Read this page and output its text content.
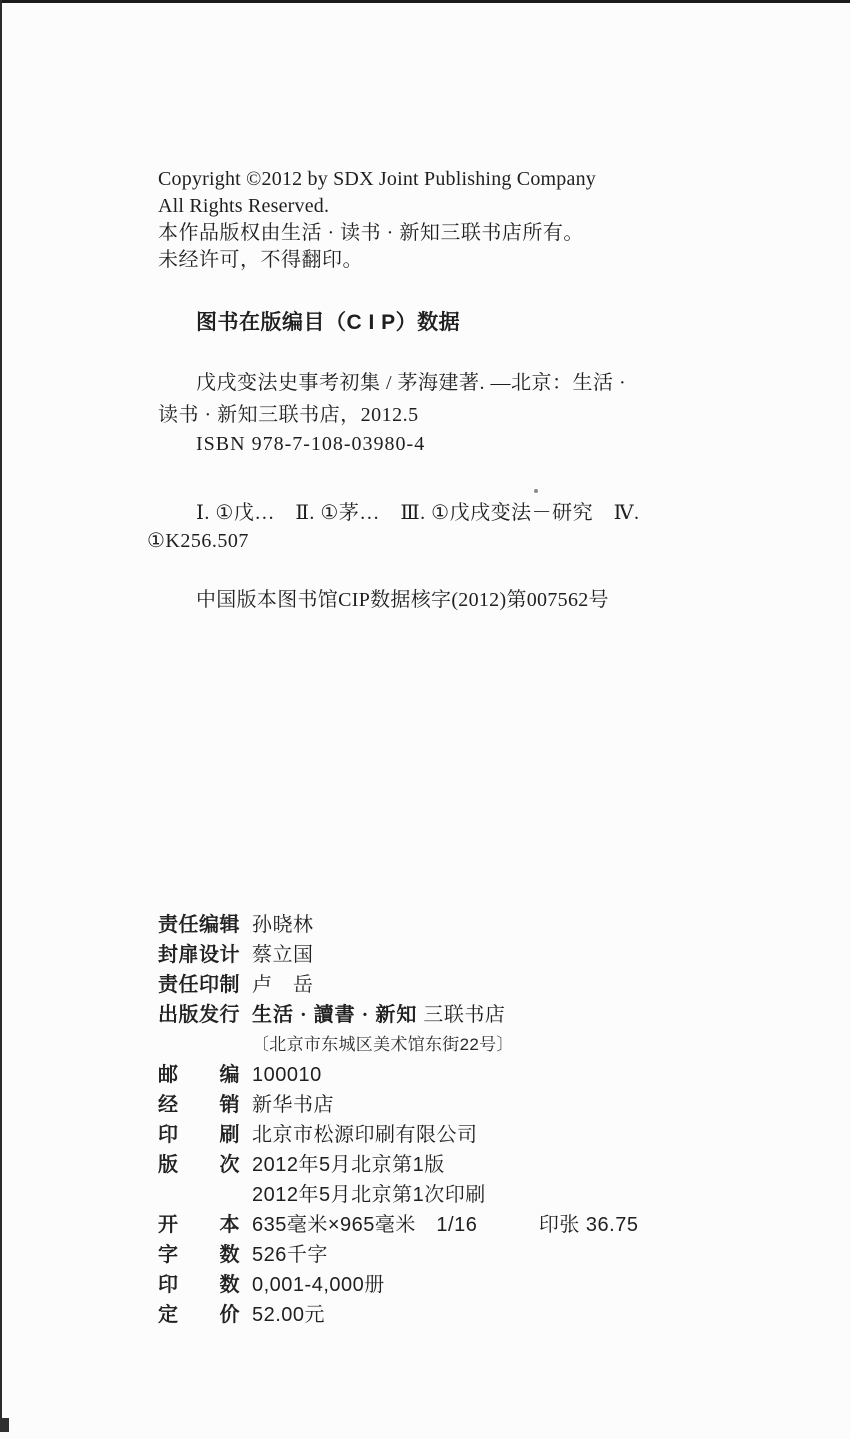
Copyright ©2012 by SDX Joint Publishing Company
All Rights Reserved.
本作品版权由生活 · 读书 · 新知三联书店所有。
未经许可，不得翻印。
图书在版编目（C I P）数据
戊戌变法史事考初集 / 茅海建著. —北京：生活 ·
读书 · 新知三联书店，2012.5
ISBN 978-7-108-03980-4
Ⅰ. ①戊…　Ⅱ. ①茅…　Ⅲ. ①戊戌变法－研究　Ⅳ.
①K256.507
中国版本图书馆CIP数据核字(2012)第007562号
责任编辑 孙晓林
封扉设计 蔡立国
责任印制 卢　岳
出版发行 生活 · 讀書 · 新知 三联书店
〔北京市东城区美术馆东街22号〕
邮　　编 100010
经　　销 新华书店
印　　刷 北京市松源印刷有限公司
版　　次 2012年5月北京第1版
2012年5月北京第1次印刷
开　　本 635毫米×965毫米　1/16　　　印张 36.75
字　　数 526千字
印　　数 0,001-4,000册
定　　价 52.00元
